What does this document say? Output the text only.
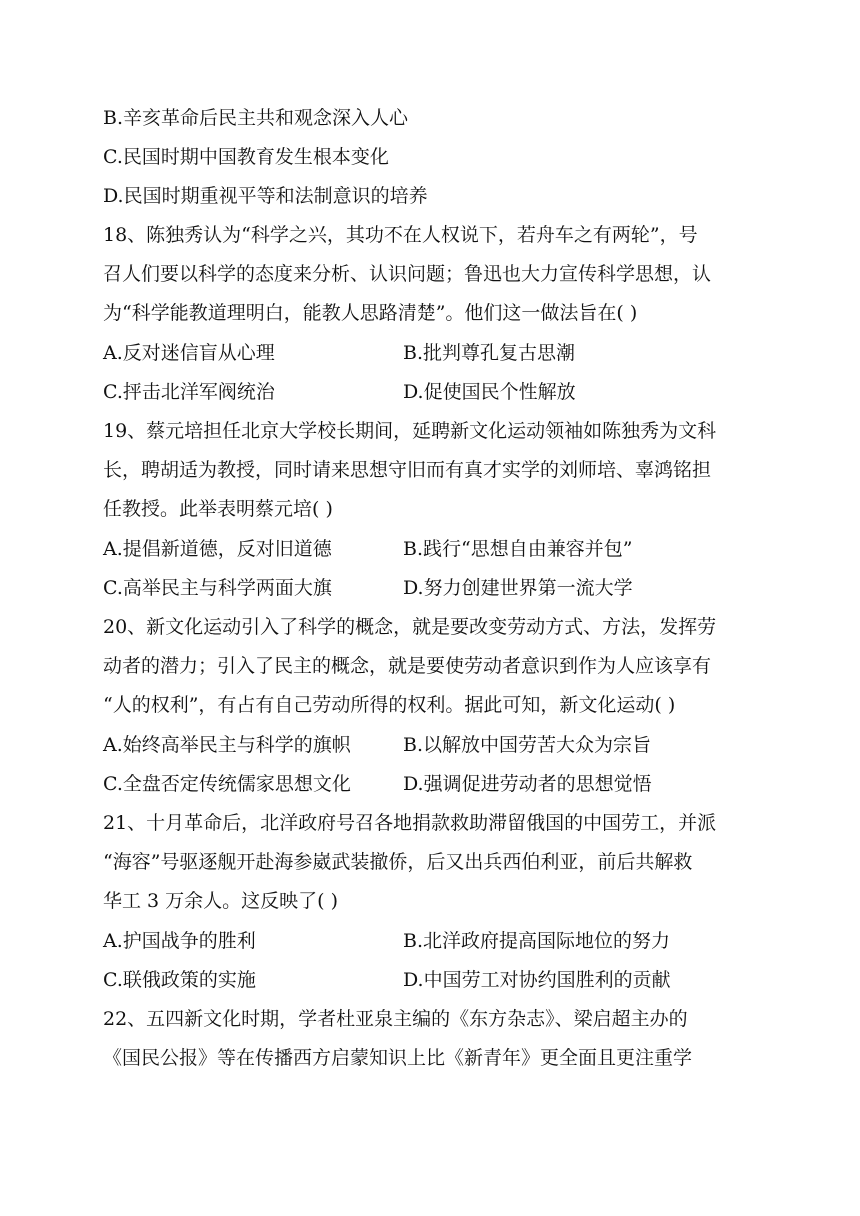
B.辛亥革命后民主共和观念深入人心
C.民国时期中国教育发生根本变化
D.民国时期重视平等和法制意识的培养
18、陈独秀认为“科学之兴，其功不在人权说下，若舟车之有两轮”，号
召人们要以科学的态度来分析、认识问题；鲁迅也大力宣传科学思想，认
为“科学能教道理明白，能教人思路清楚”。他们这一做法旨在( )
A.反对迷信盲从心理	B.批判尊孔复古思潮
C.抨击北洋军阀统治	D.促使国民个性解放
19、蔡元培担任北京大学校长期间，延聘新文化运动领袖如陈独秀为文科
长，聘胡适为教授，同时请来思想守旧而有真才实学的刘师培、辜鸿铭担
任教授。此举表明蔡元培( )
A.提倡新道德，反对旧道德	B.践行“思想自由兼容并包”
C.高举民主与科学两面大旗	D.努力创建世界第一流大学
20、新文化运动引入了科学的概念，就是要改变劳动方式、方法，发挥劳
动者的潜力；引入了民主的概念，就是要使劳动者意识到作为人应该享有
“人的权利”，有占有自己劳动所得的权利。据此可知，新文化运动( )
A.始终高举民主与科学的旗帜	B.以解放中国劳苦大众为宗旨
C.全盘否定传统儒家思想文化	D.强调促进劳动者的思想觉悟
21、十月革命后，北洋政府号召各地捐款救助滞留俄国的中国劳工，并派
“海容”号驱逐舰开赴海参崴武装撤侨，后又出兵西伯利亚，前后共解救
华工 3 万余人。这反映了( )
A.护国战争的胜利	B.北洋政府提高国际地位的努力
C.联俄政策的实施	D.中国劳工对协约国胜利的贡献
22、五四新文化时期，学者杜亚泉主编的《东方杂志》、梁启超主办的
《国民公报》等在传播西方启蒙知识上比《新青年》更全面且更注重学
